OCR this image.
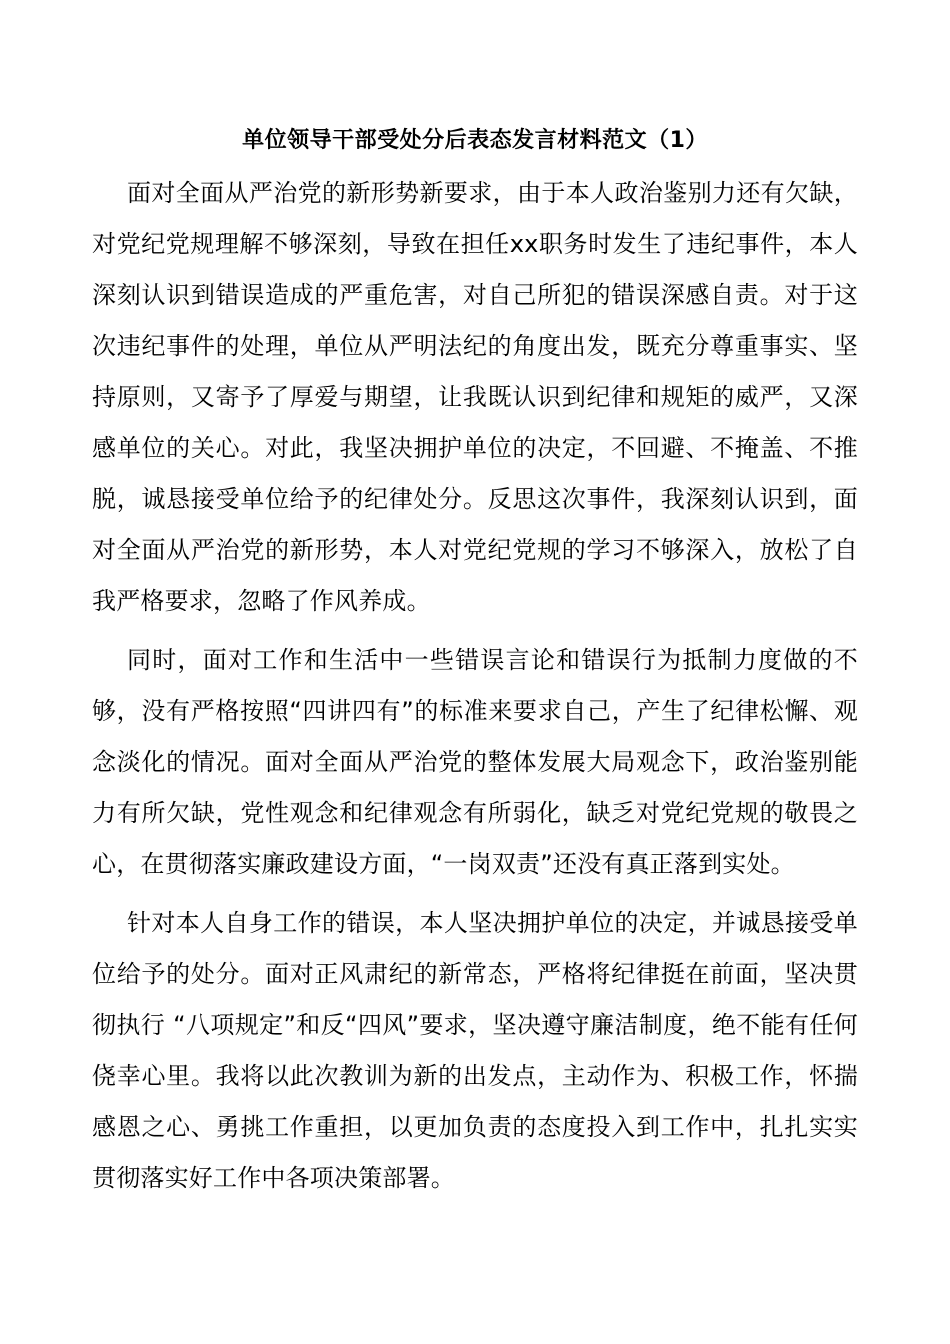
单位领导干部受处分后表态发言材料范文（1）

面对全面从严治党的新形势新要求，由于本人政治鉴别力还有欠缺，对党纪党规理解不够深刻，导致在担任xx职务时发生了违纪事件，本人深刻认识到错误造成的严重危害，对自己所犯的错误深感自责。对于这次违纪事件的处理，单位从严明法纪的角度出发，既充分尊重事实、坚持原则，又寄予了厚爱与期望，让我既认识到纪律和规矩的威严，又深感单位的关心。对此，我坚决拥护单位的决定，不回避、不掩盖、不推脱，诚恳接受单位给予的纪律处分。反思这次事件，我深刻认识到，面对全面从严治党的新形势，本人对党纪党规的学习不够深入，放松了自我严格要求，忽略了作风养成。

同时，面对工作和生活中一些错误言论和错误行为抵制力度做的不够，没有严格按照“四讲四有”的标准来要求自己，产生了纪律松懈、观念淡化的情况。面对全面从严治党的整体发展大局观念下，政治鉴别能力有所欠缺，党性观念和纪律观念有所弱化，缺乏对党纪党规的敬畏之心，在贯彻落实廉政建设方面，“一岗双责”还没有真正落到实处。

针对本人自身工作的错误，本人坚决拥护单位的决定，并诚恳接受单位给予的处分。面对正风肃纪的新常态，严格将纪律挺在前面，坚决贯彻执行 “八项规定”和反“四风”要求，坚决遵守廉洁制度，绝不能有任何侥幸心里。我将以此次教训为新的出发点，主动作为、积极工作，怀揣感恩之心、勇挑工作重担，以更加负责的态度投入到工作中，扎扎实实贯彻落实好工作中各项决策部署。
